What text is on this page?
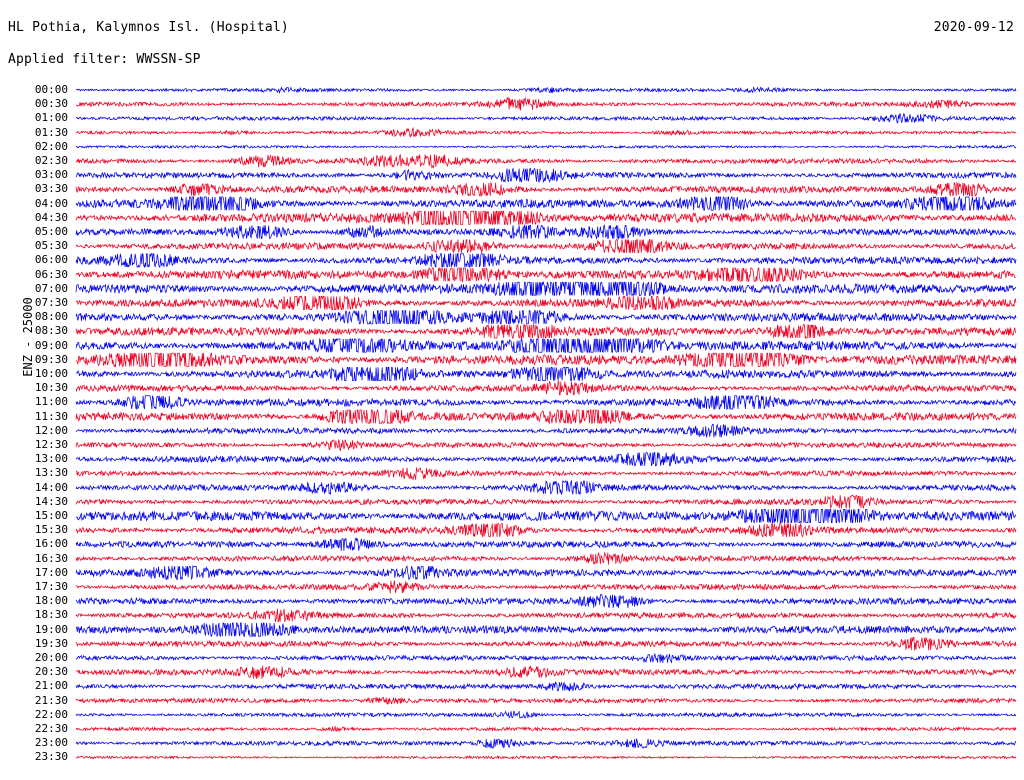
HL Pothia, Kalymnos Isl. (Hospital)	2020-09-12
Applied filter: WWSSN-SP
ENZ - 25000
00:00
00:30
01:00
01:30
02:00
02:30
03:00
03:30
04:00
04:30
05:00
05:30
06:00
06:30
07:00
07:30
08:00
08:30
09:00
09:30
10:00
10:30
11:00
11:30
12:00
12:30
13:00
13:30
14:00
14:30
15:00
15:30
16:00
16:30
17:00
17:30
18:00
18:30
19:00
19:30
20:00
20:30
21:00
21:30
22:00
22:30
23:00
23:30
